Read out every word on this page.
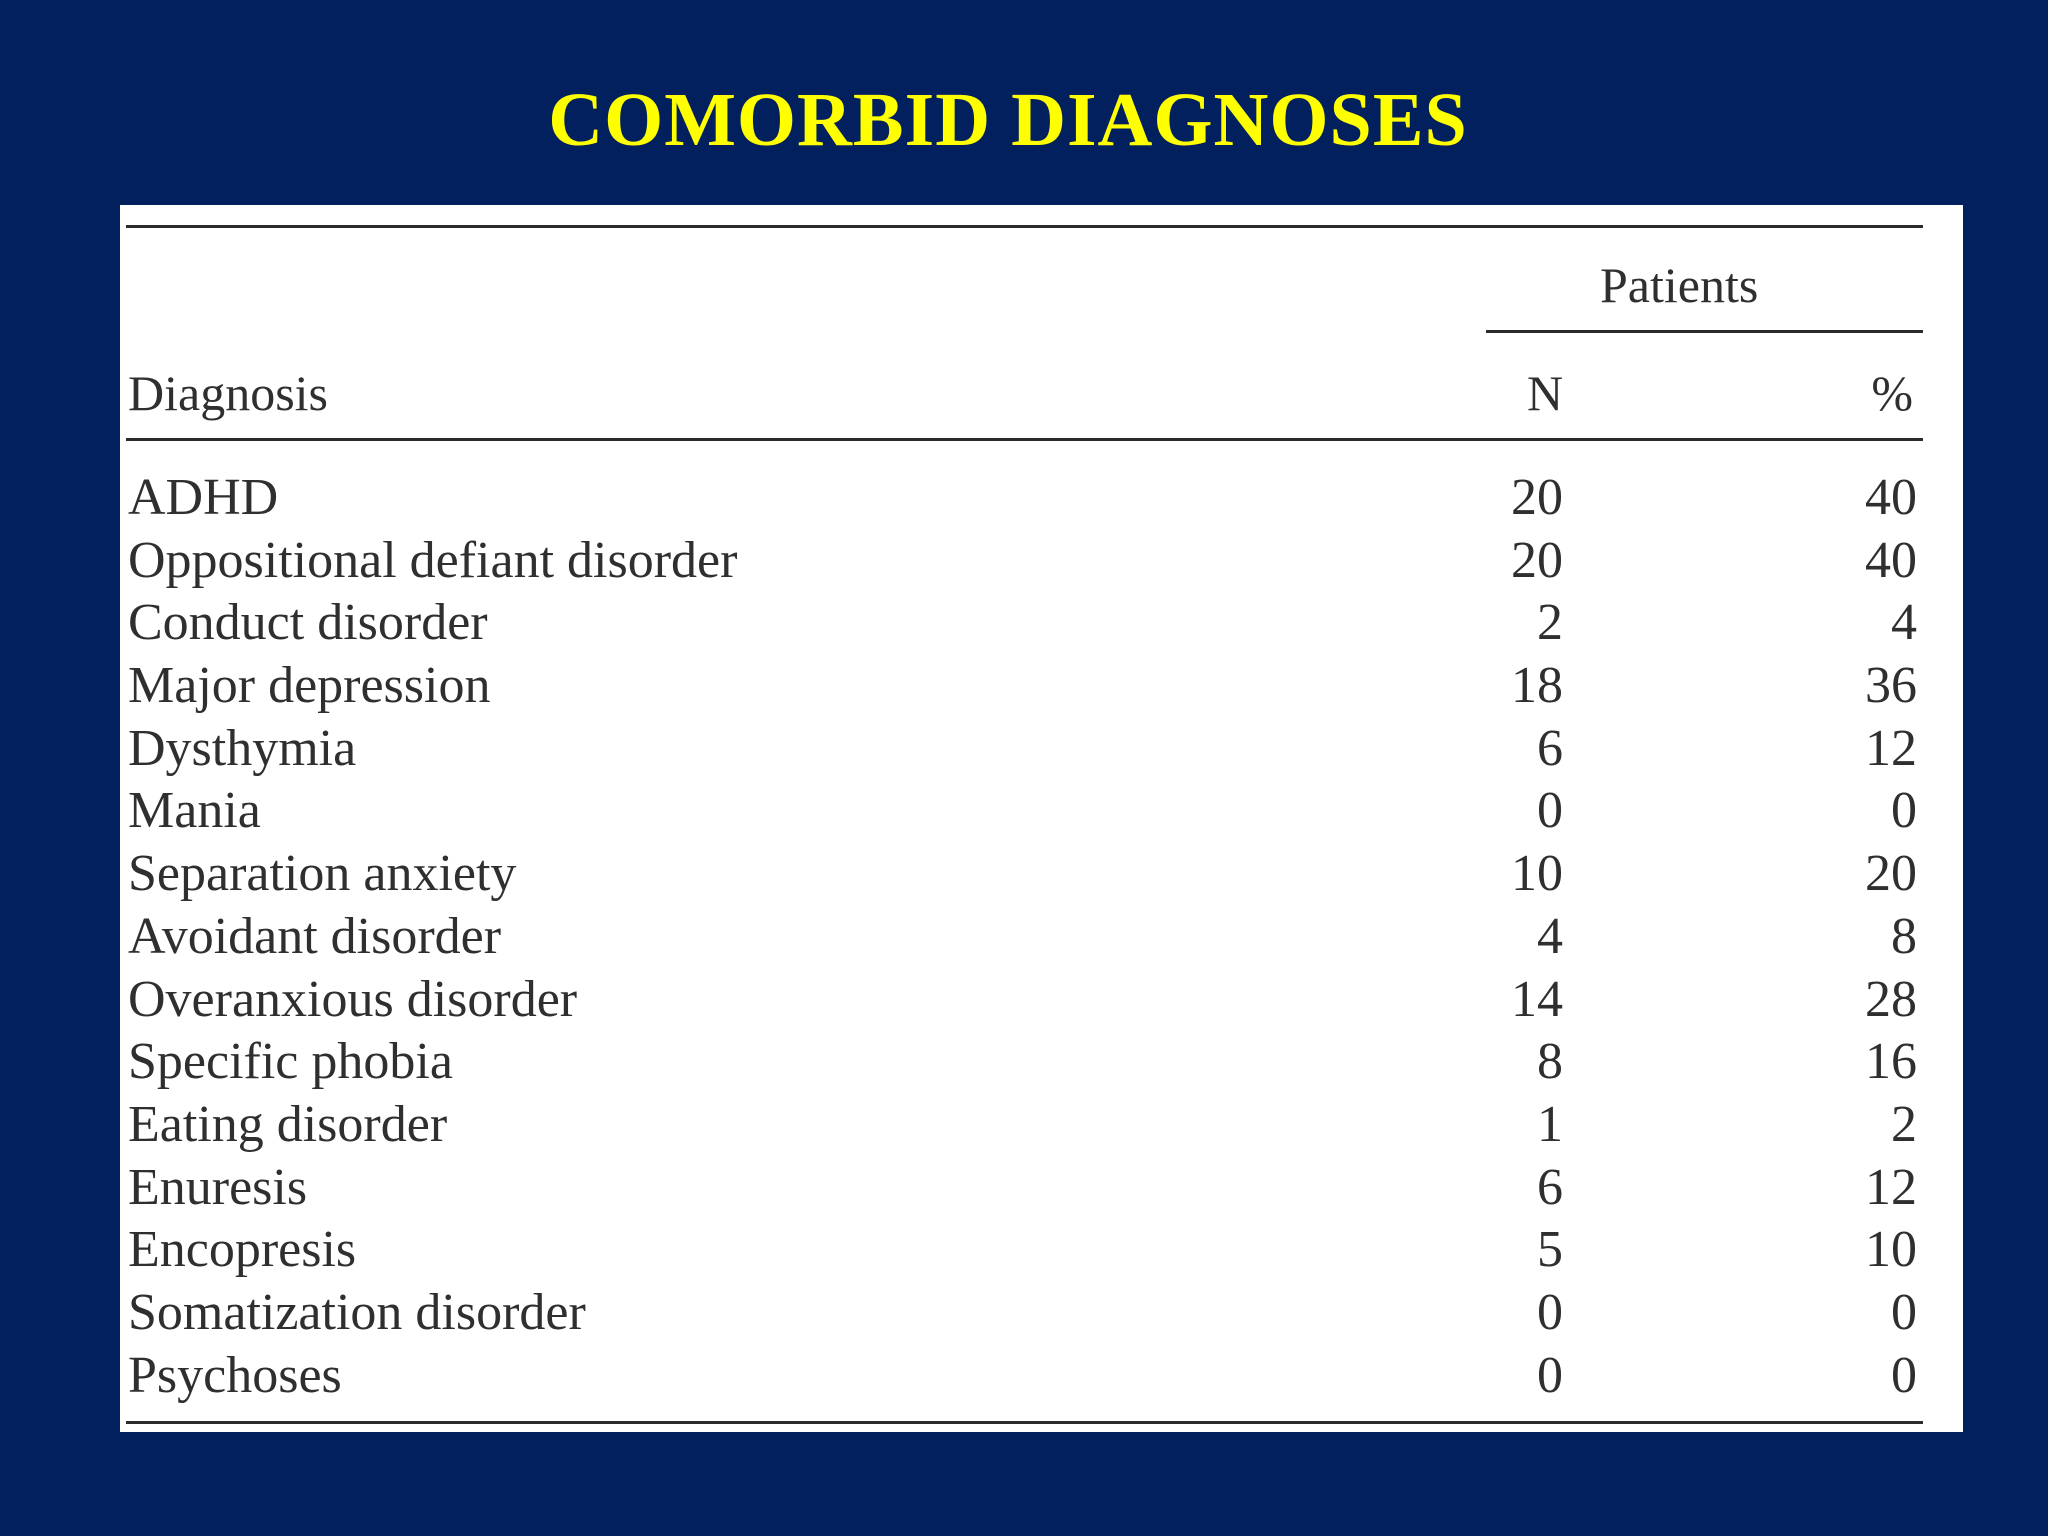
COMORBID DIAGNOSES
Patients
Diagnosis	N	%
ADHD	20	40
Oppositional defiant disorder	20	40
Conduct disorder	2	4
Major depression	18	36
Dysthymia	6	12
Mania	0	0
Separation anxiety	10	20
Avoidant disorder	4	8
Overanxious disorder	14	28
Specific phobia	8	16
Eating disorder	1	2
Enuresis	6	12
Encopresis	5	10
Somatization disorder	0	0
Psychoses	0	0
